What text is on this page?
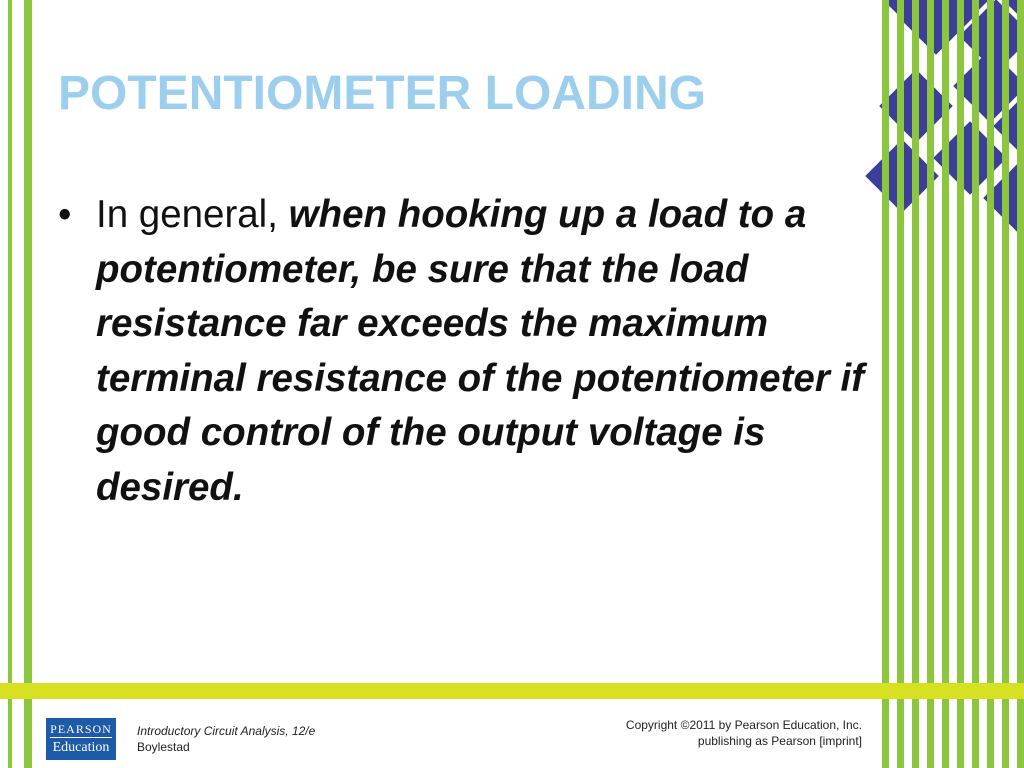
POTENTIOMETER LOADING
• In general, when hooking up a load to a potentiometer, be sure that the load resistance far exceeds the maximum terminal resistance of the potentiometer if good control of the output voltage is desired.
PEARSON
Education
Introductory Circuit Analysis, 12/e
Boylestad
Copyright ©2011 by Pearson Education, Inc.
publishing as Pearson [imprint]
